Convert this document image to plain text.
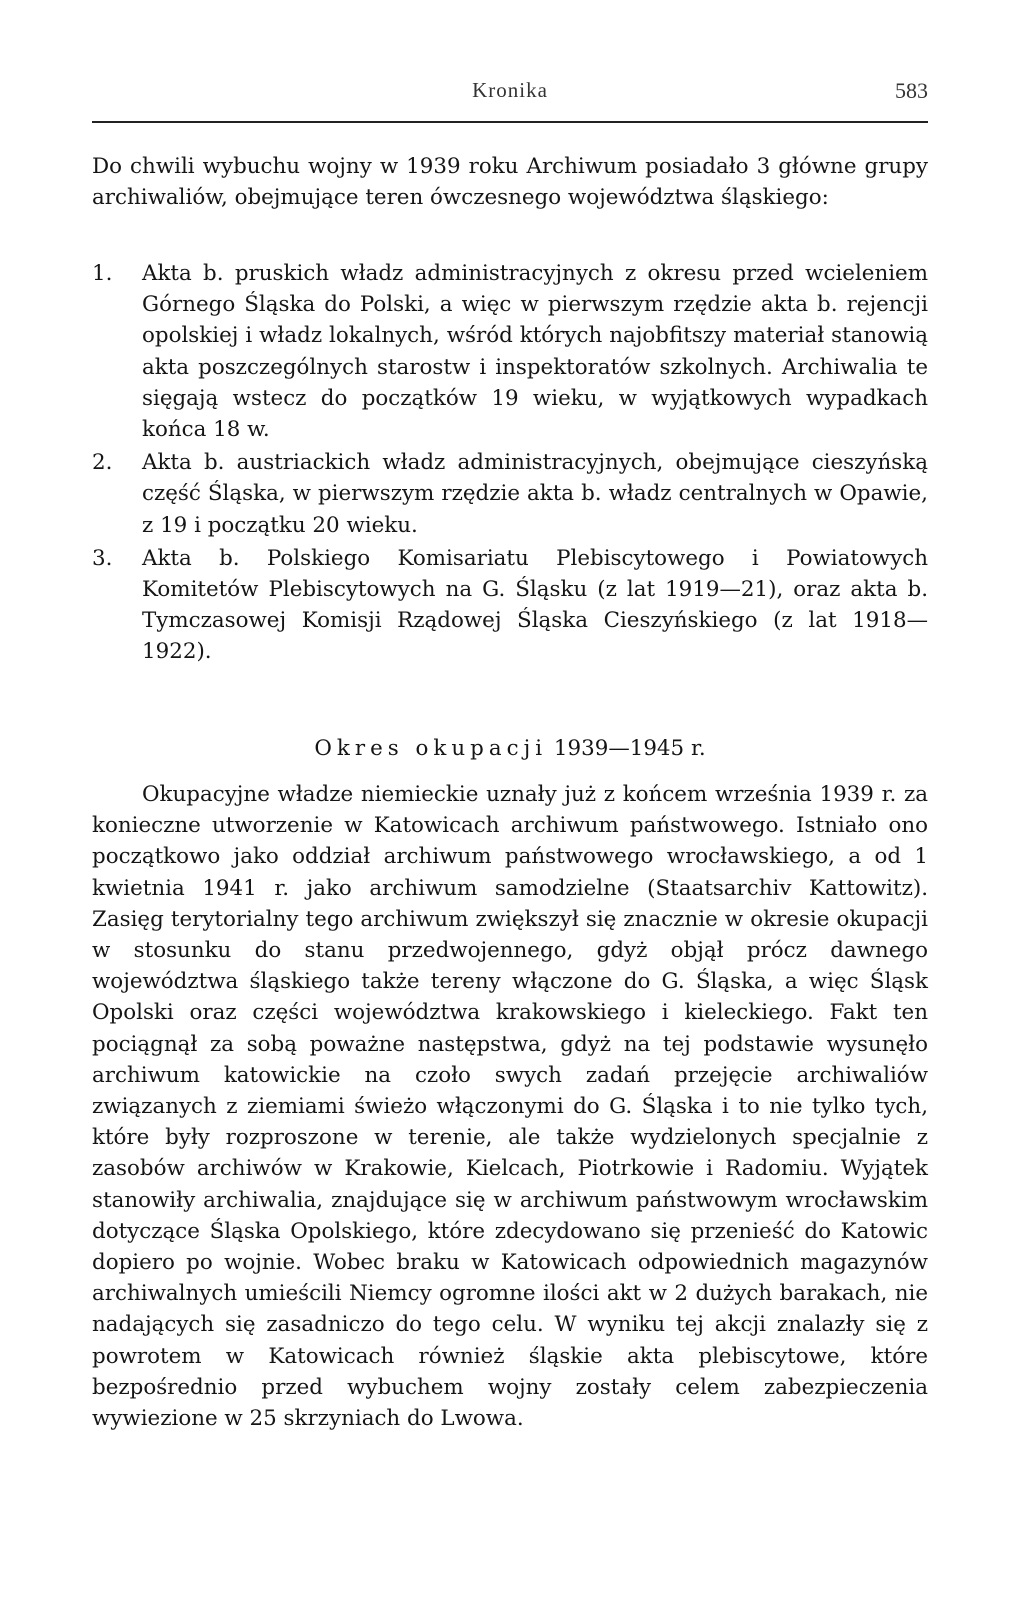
Kronika	583

Do chwili wybuchu wojny w 1939 roku Archiwum posiadało 3 główne grupy archiwaliów, obejmujące teren ówczesnego województwa śląskiego:

1.	Akta b. pruskich władz administracyjnych z okresu przed wcieleniem Górnego Śląska do Polski, a więc w pierwszym rzędzie akta b. rejencji opolskiej i władz lokalnych, wśród których najobfitszy materiał stanowią akta poszczególnych starostw i inspektoratów szkolnych. Archiwalia te sięgają wstecz do początków 19 wieku, w wyjątkowych wypadkach końca 18 w.
2.	Akta b. austriackich władz administracyjnych, obejmujące cieszyńską część Śląska, w pierwszym rzędzie akta b. władz centralnych w Opawie, z 19 i początku 20 wieku.
3.	Akta b. Polskiego Komisariatu Plebiscytowego i Powiatowych Komitetów Plebiscytowych na G. Śląsku (z lat 1919—21), oraz akta b. Tymczasowej Komisji Rządowej Śląska Cieszyńskiego (z lat 1918—1922).
Okres okupacji 1939—1945 r.

Okupacyjne władze niemieckie uznały już z końcem września 1939 r. za konieczne utworzenie w Katowicach archiwum państwowego. Istniało ono początkowo jako oddział archiwum państwowego wrocławskiego, a od 1 kwietnia 1941 r. jako archiwum samodzielne (Staatsarchiv Kattowitz). Zasięg terytorialny tego archiwum zwiększył się znacznie w okresie okupacji w stosunku do stanu przedwojennego, gdyż objął prócz dawnego województwa śląskiego także tereny włączone do G. Śląska, a więc Śląsk Opolski oraz części województwa krakowskiego i kieleckiego. Fakt ten pociągnął za sobą poważne następstwa, gdyż na tej podstawie wysunęło archiwum katowickie na czoło swych zadań przejęcie archiwaliów związanych z ziemiami świeżo włączonymi do G. Śląska i to nie tylko tych, które były rozproszone w terenie, ale także wydzielonych specjalnie z zasobów archiwów w Krakowie, Kielcach, Piotrkowie i Radomiu. Wyjątek stanowiły archiwalia, znajdujące się w archiwum państwowym wrocławskim dotyczące Śląska Opolskiego, które zdecydowano się przenieść do Katowic dopiero po wojnie. Wobec braku w Katowicach odpowiednich magazynów archiwalnych umieścili Niemcy ogromne ilości akt w 2 dużych barakach, nie nadających się zasadniczo do tego celu. W wyniku tej akcji znalazły się z powrotem w Katowicach również śląskie akta plebiscytowe, które bezpośrednio przed wybuchem wojny zostały celem zabezpieczenia wywiezione w 25 skrzyniach do Lwowa.
